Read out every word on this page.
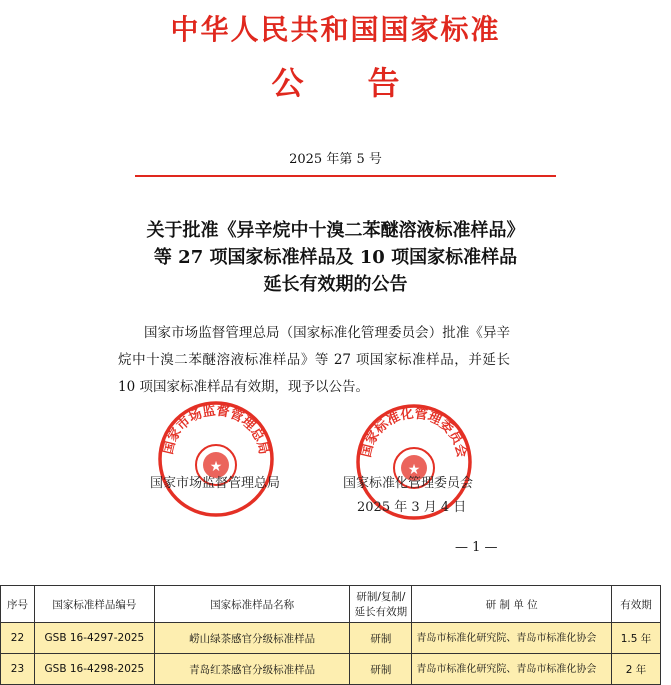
中华人民共和国国家标准
公 告
2025 年第 5 号
关于批准《异辛烷中十溴二苯醚溶液标准样品》
等 27 项国家标准样品及 10 项国家标准样品
延长有效期的公告
国家市场监督管理总局（国家标准化管理委员会）批准《异辛烷中十溴二苯醚溶液标准样品》等 27 项国家标准样品，并延长 10 项国家标准样品有效期，现予以公告。
国家市场监督管理总局
★
国家标准化管理委员会
★
国家市场监督管理总局	国家标准化管理委员会
2025 年 3 月 4 日
— 1 —
序号	国家标准样品编号	国家标准样品名称	研制/复制/延长有效期	研 制 单 位	有效期
22	GSB 16-4297-2025	崂山绿茶感官分级标准样品	研制	青岛市标准化研究院、青岛市标准化协会	1.5 年
23	GSB 16-4298-2025	青岛红茶感官分级标准样品	研制	青岛市标准化研究院、青岛市标准化协会	2 年
